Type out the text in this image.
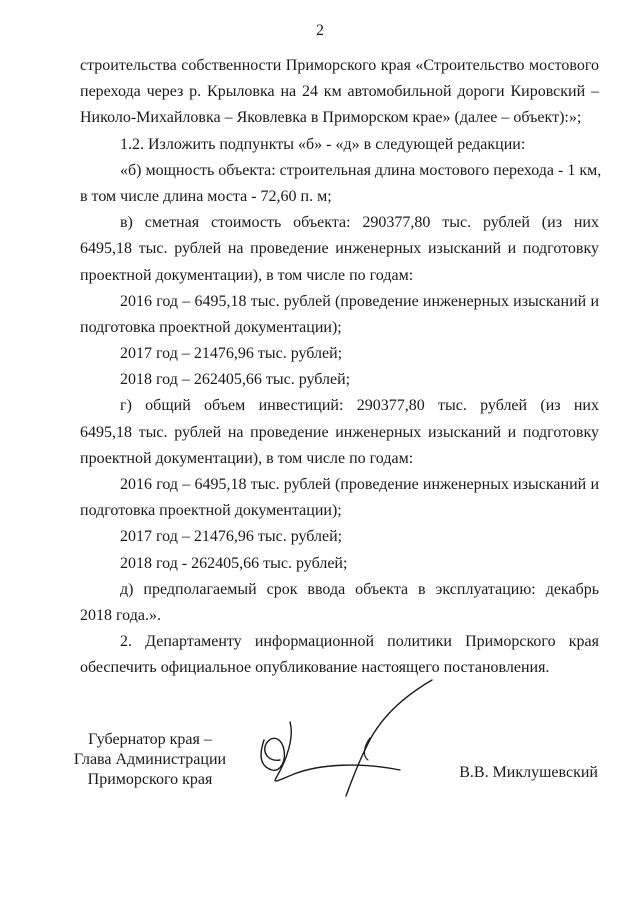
2
строительства собственности Приморского края «Строительство мостового
перехода через р. Крыловка на 24 км автомобильной дороги Кировский –
Николо-Михайловка – Яковлевка в Приморском крае» (далее – объект):»;
1.2. Изложить подпункты «б» - «д» в следующей редакции:
«б) мощность объекта: строительная длина мостового перехода - 1 км,
в том числе длина моста - 72,60 п. м;
в) сметная стоимость объекта: 290377,80 тыс. рублей (из них
6495,18 тыс. рублей на проведение инженерных изысканий и подготовку
проектной документации), в том числе по годам:
2016 год – 6495,18 тыс. рублей (проведение инженерных изысканий и
подготовка проектной документации);
2017 год – 21476,96 тыс. рублей;
2018 год – 262405,66 тыс. рублей;
г) общий объем инвестиций: 290377,80 тыс. рублей (из них
6495,18 тыс. рублей на проведение инженерных изысканий и подготовку
проектной документации), в том числе по годам:
2016 год – 6495,18 тыс. рублей (проведение инженерных изысканий и
подготовка проектной документации);
2017 год – 21476,96 тыс. рублей;
2018 год - 262405,66 тыс. рублей;
д) предполагаемый срок ввода объекта в эксплуатацию: декабрь
2018 года.».
2. Департаменту информационной политики Приморского края
обеспечить официальное опубликование настоящего постановления.
Губернатор края –
Глава Администрации
Приморского края	В.В. Миклушевский
